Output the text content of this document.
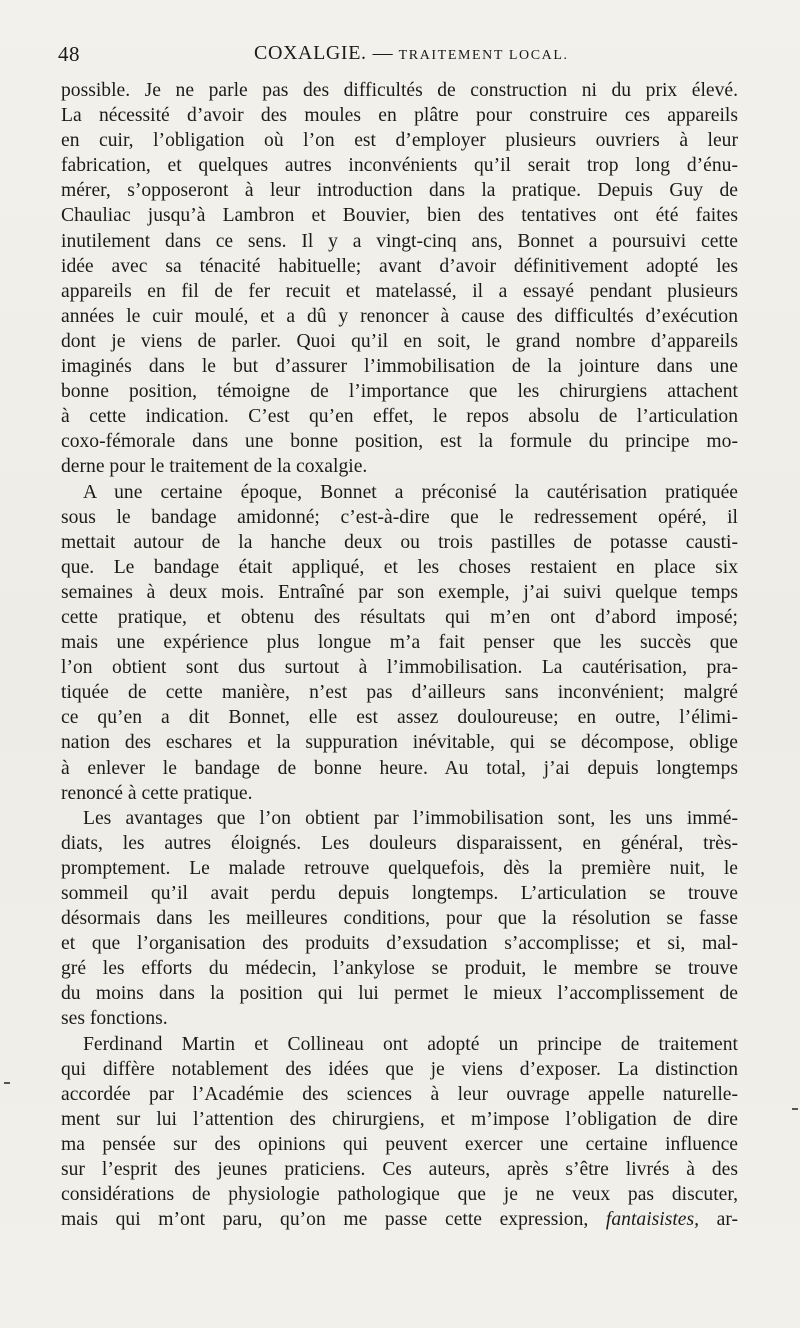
48	COXALGIE. — TRAITEMENT LOCAL.
possible. Je ne parle pas des difficultés de construction ni du prix élevé.
La nécessité d’avoir des moules en plâtre pour construire ces appareils
en cuir, l’obligation où l’on est d’employer plusieurs ouvriers à leur
fabrication, et quelques autres inconvénients qu’il serait trop long d’énu-
mérer, s’opposeront à leur introduction dans la pratique. Depuis Guy de
Chauliac jusqu’à Lambron et Bouvier, bien des tentatives ont été faites
inutilement dans ce sens. Il y a vingt-cinq ans, Bonnet a poursuivi cette
idée avec sa ténacité habituelle; avant d’avoir définitivement adopté les
appareils en fil de fer recuit et matelassé, il a essayé pendant plusieurs
années le cuir moulé, et a dû y renoncer à cause des difficultés d’exécution
dont je viens de parler. Quoi qu’il en soit, le grand nombre d’appareils
imaginés dans le but d’assurer l’immobilisation de la jointure dans une
bonne position, témoigne de l’importance que les chirurgiens attachent
à cette indication. C’est qu’en effet, le repos absolu de l’articulation
coxo-fémorale dans une bonne position, est la formule du principe mo-
derne pour le traitement de la coxalgie.
A une certaine époque, Bonnet a préconisé la cautérisation pratiquée
sous le bandage amidonné; c’est-à-dire que le redressement opéré, il
mettait autour de la hanche deux ou trois pastilles de potasse causti-
que. Le bandage était appliqué, et les choses restaient en place six
semaines à deux mois. Entraîné par son exemple, j’ai suivi quelque temps
cette pratique, et obtenu des résultats qui m’en ont d’abord imposé;
mais une expérience plus longue m’a fait penser que les succès que
l’on obtient sont dus surtout à l’immobilisation. La cautérisation, pra-
tiquée de cette manière, n’est pas d’ailleurs sans inconvénient; malgré
ce qu’en a dit Bonnet, elle est assez douloureuse; en outre, l’élimi-
nation des eschares et la suppuration inévitable, qui se décompose, oblige
à enlever le bandage de bonne heure. Au total, j’ai depuis longtemps
renoncé à cette pratique.
Les avantages que l’on obtient par l’immobilisation sont, les uns immé-
diats, les autres éloignés. Les douleurs disparaissent, en général, très-
promptement. Le malade retrouve quelquefois, dès la première nuit, le
sommeil qu’il avait perdu depuis longtemps. L’articulation se trouve
désormais dans les meilleures conditions, pour que la résolution se fasse
et que l’organisation des produits d’exsudation s’accomplisse; et si, mal-
gré les efforts du médecin, l’ankylose se produit, le membre se trouve
du moins dans la position qui lui permet le mieux l’accomplissement de
ses fonctions.
Ferdinand Martin et Collineau ont adopté un principe de traitement
qui diffère notablement des idées que je viens d’exposer. La distinction
accordée par l’Académie des sciences à leur ouvrage appelle naturelle-
ment sur lui l’attention des chirurgiens, et m’impose l’obligation de dire
ma pensée sur des opinions qui peuvent exercer une certaine influence
sur l’esprit des jeunes praticiens. Ces auteurs, après s’être livrés à des
considérations de physiologie pathologique que je ne veux pas discuter,
mais qui m’ont paru, qu’on me passe cette expression, fantaisistes, ar-
